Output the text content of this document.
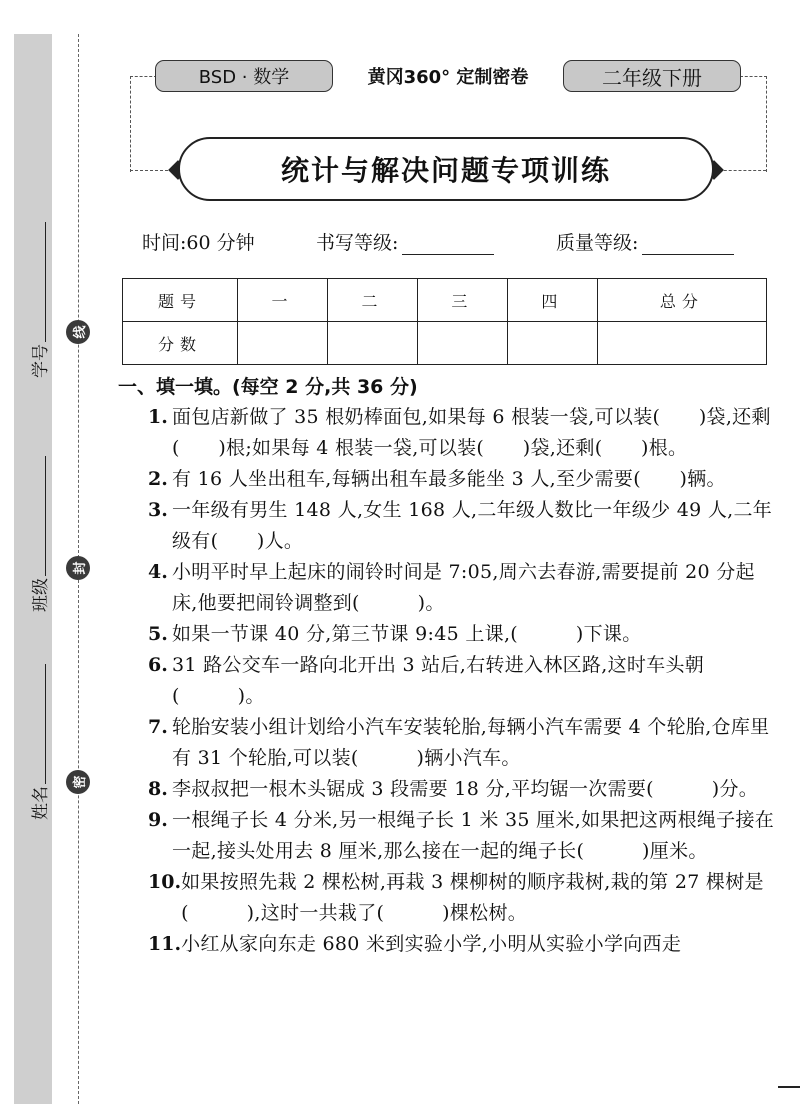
线
封
密
学号
班级
姓名
BSD · 数学	黄冈360° 定制密卷	二年级下册
统计与解决问题专项训练
时间:60 分钟	书写等级:	质量等级:
题号	一	二	三	四	总分
分数					
一、填一填。(每空 2 分,共 36 分)
1. 面包店新做了 35 根奶棒面包,如果每 6 根装一袋,可以装(　　)袋,还剩(　　)根;如果每 4 根装一袋,可以装(　　)袋,还剩(　　)根。
2. 有 16 人坐出租车,每辆出租车最多能坐 3 人,至少需要(　　)辆。
3. 一年级有男生 148 人,女生 168 人,二年级人数比一年级少 49 人,二年级有(　　)人。
4. 小明平时早上起床的闹铃时间是 7:05,周六去春游,需要提前 20 分起床,他要把闹铃调整到(　　　)。
5. 如果一节课 40 分,第三节课 9:45 上课,(　　　)下课。
6. 31 路公交车一路向北开出 3 站后,右转进入林区路,这时车头朝(　　　)。
7. 轮胎安装小组计划给小汽车安装轮胎,每辆小汽车需要 4 个轮胎,仓库里有 31 个轮胎,可以装(　　　)辆小汽车。
8. 李叔叔把一根木头锯成 3 段需要 18 分,平均锯一次需要(　　　)分。
9. 一根绳子长 4 分米,另一根绳子长 1 米 35 厘米,如果把这两根绳子接在一起,接头处用去 8 厘米,那么接在一起的绳子长(　　　)厘米。
10. 如果按照先栽 2 棵松树,再栽 3 棵柳树的顺序栽树,栽的第 27 棵树是(　　　),这时一共栽了(　　　)棵松树。
11. 小红从家向东走 680 米到实验小学,小明从实验小学向西走
